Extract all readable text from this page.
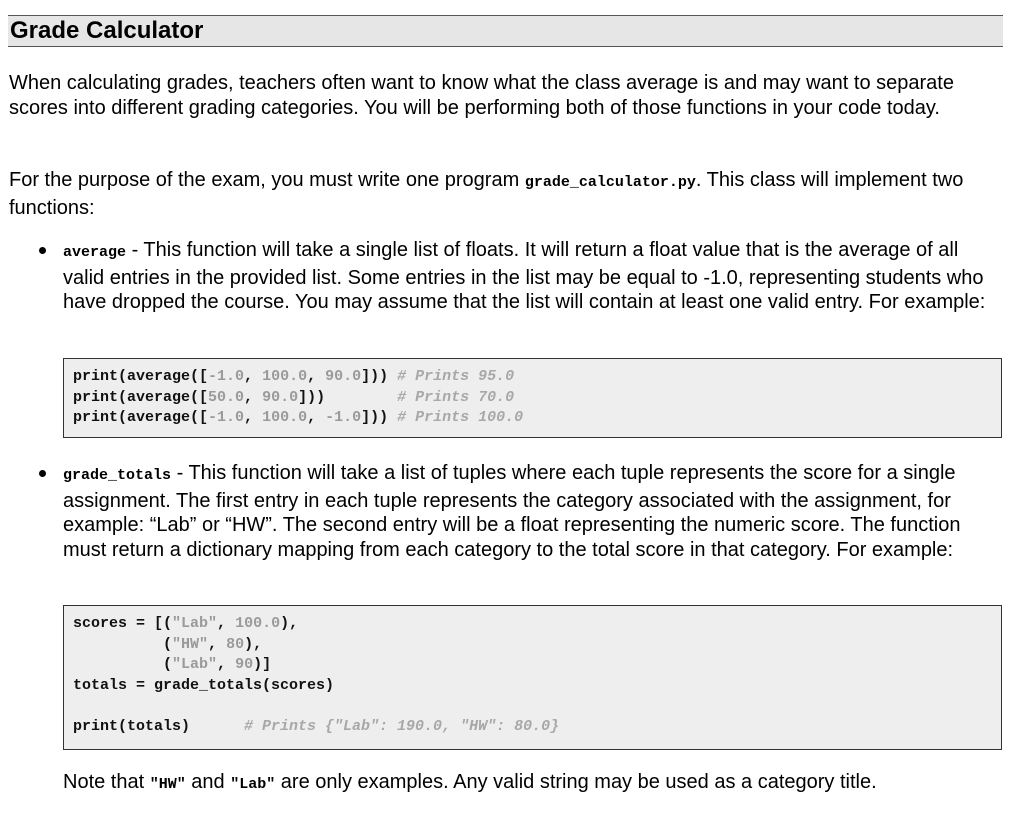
Grade Calculator

When calculating grades, teachers often want to know what the class average is and may want to separate scores into different grading categories. You will be performing both of those functions in your code today.

For the purpose of the exam, you must write one program grade_calculator.py. This class will implement two functions:

average - This function will take a single list of floats. It will return a float value that is the average of all valid entries in the provided list. Some entries in the list may be equal to -1.0, representing students who have dropped the course. You may assume that the list will contain at least one valid entry. For example:
grade_totals - This function will take a list of tuples where each tuple represents the score for a single assignment. The first entry in each tuple represents the category associated with the assignment, for example: “Lab” or “HW”. The second entry will be a float representing the numeric score. The function must return a dictionary mapping from each category to the total score in that category. For example:
print(average([-1.0, 100.0, 90.0])) # Prints 95.0
print(average([50.0, 90.0]))        # Prints 70.0
print(average([-1.0, 100.0, -1.0])) # Prints 100.0
scores = [("Lab", 100.0),
("HW", 80),
("Lab", 90)]
totals = grade_totals(scores)
print(totals)      # Prints {"Lab": 190.0, "HW": 80.0}

Note that "HW" and "Lab" are only examples. Any valid string may be used as a category title.
